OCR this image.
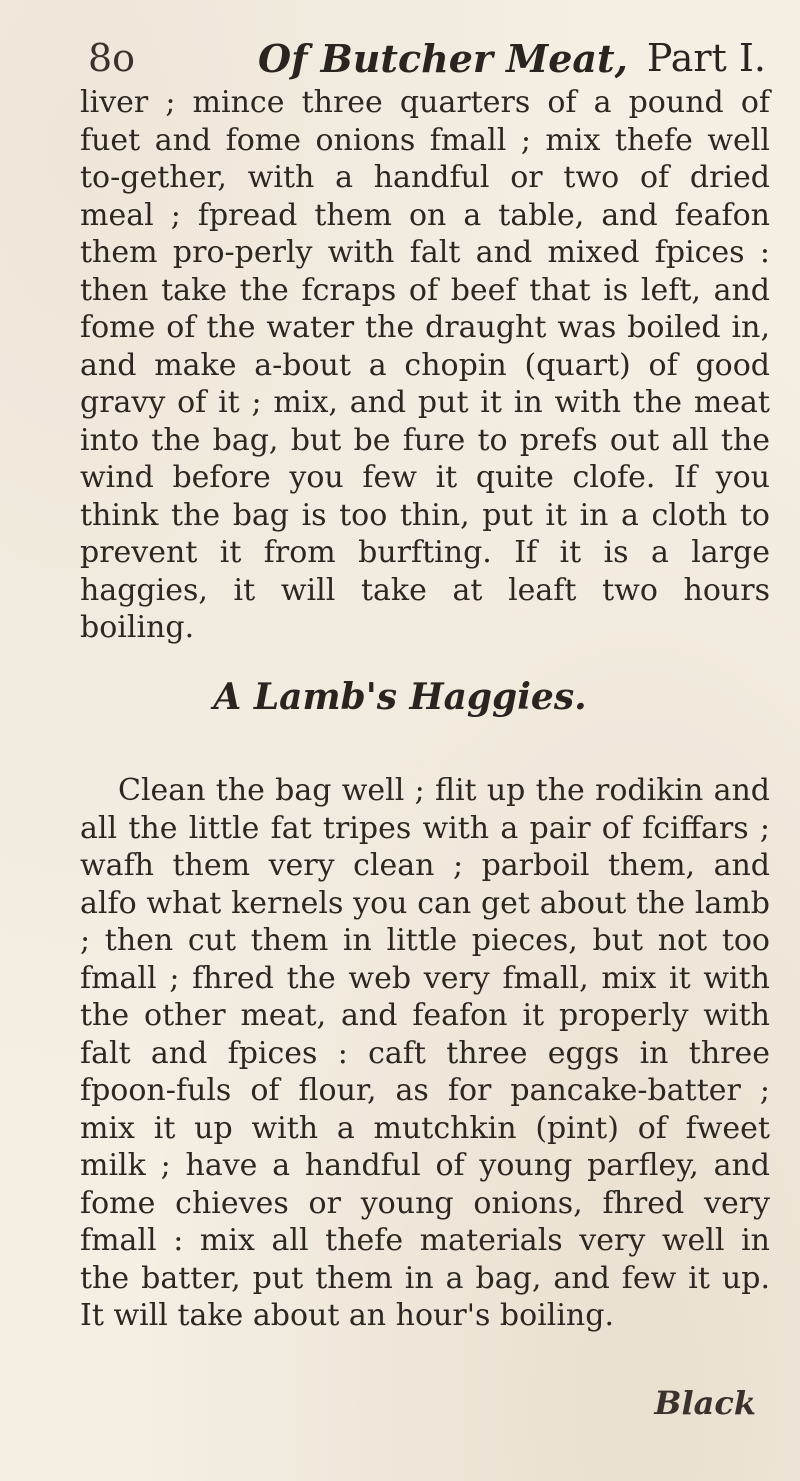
8o	Of Butcher Meat, Part I.

liver ; mince three quarters of a pound of fuet and fome onions fmall ; mix thefe well to-gether, with a handful or two of dried meal ; fpread them on a table, and feafon them pro-perly with falt and mixed fpices : then take the fcraps of beef that is left, and fome of the water the draught was boiled in, and make a-bout a chopin (quart) of good gravy of it ; mix, and put it in with the meat into the bag, but be fure to prefs out all the wind before you few it quite clofe. If you think the bag is too thin, put it in a cloth to prevent it from burfting. If it is a large haggies, it will take at leaft two hours boiling.

A Lamb's Haggies.

Clean the bag well ; flit up the rodikin and all the little fat tripes with a pair of fciffars ; wafh them very clean ; parboil them, and alfo what kernels you can get about the lamb ; then cut them in little pieces, but not too fmall ; fhred the web very fmall, mix it with the other meat, and feafon it properly with falt and fpices : caft three eggs in three fpoon-fuls of flour, as for pancake-batter ; mix it up with a mutchkin (pint) of fweet milk ; have a handful of young parfley, and fome chieves or young onions, fhred very fmall : mix all thefe materials very well in the batter, put them in a bag, and few it up. It will take about an hour's boiling.

Black
